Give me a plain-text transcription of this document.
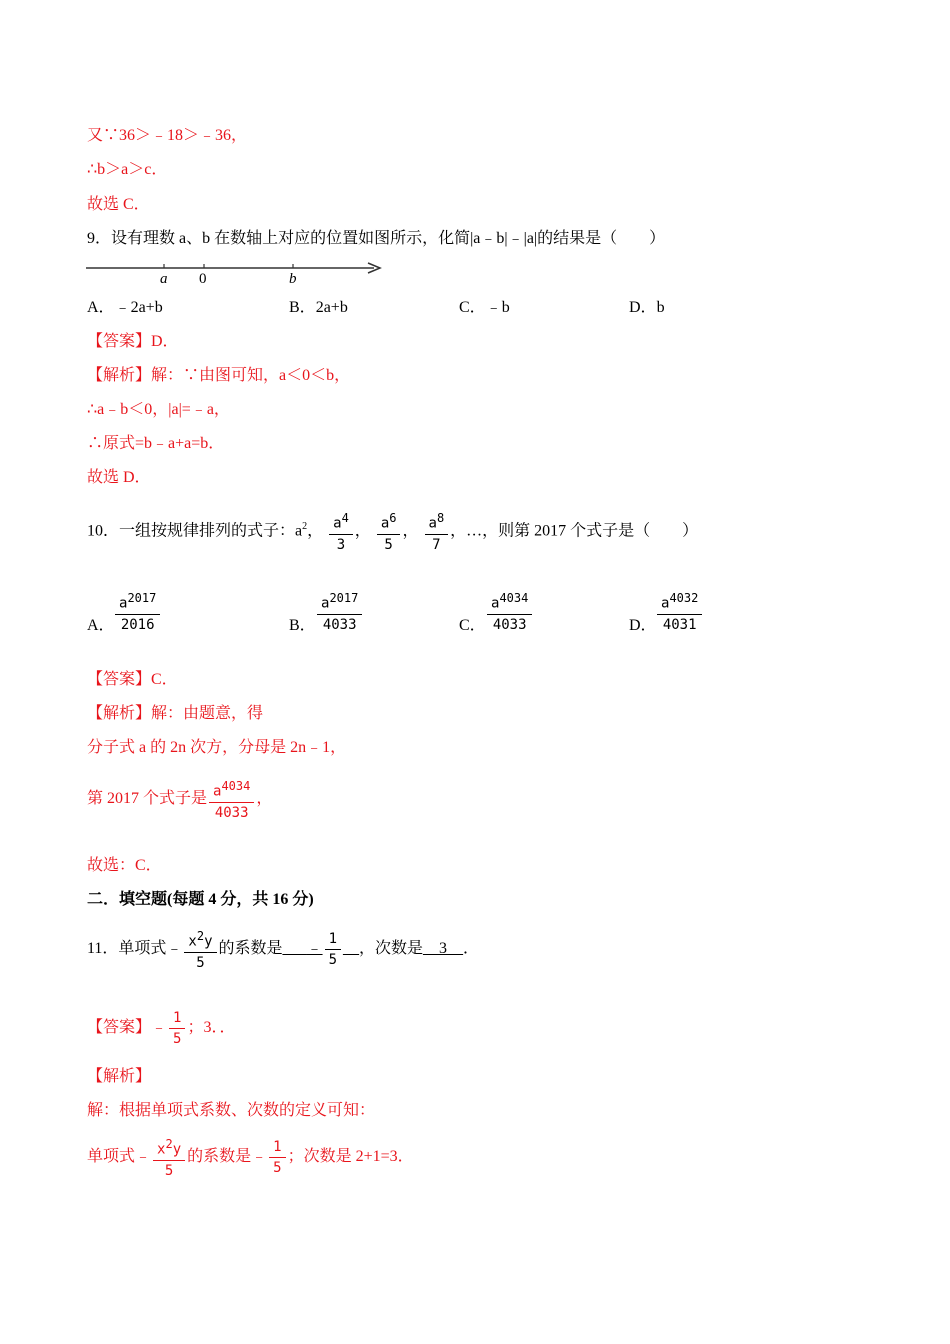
又∵36＞﹣18＞﹣36，
∴b＞a＞c．
故选 C．
9．设有理数 a、b 在数轴上对应的位置如图所示，化简|a﹣b|﹣|a|的结果是（　　）
a 0	b
A．﹣2a+b	B．2a+b	C．﹣b	D．b
【答案】D．
【解析】解：∵由图可知，a＜0＜b，
∴a﹣b＜0，|a|=﹣a，
∴原式=b﹣a+a=b．
故选 D．
10．一组按规律排列的式子：$a^2$， $\frac{a^4}{3}$ ， $\frac{a^6}{5}$ ， $\frac{a^8}{7}$ ，…，则第 2017 个式子是（　　）
A． $\frac{a^{2017}}{2016}$	B． $\frac{a^{2017}}{4033}$	C． $\frac{a^{4034}}{4033}$	D． $\frac{a^{4032}}{4031}$
【答案】C．
【解析】解：由题意，得
分子式 a 的 2n 次方，分母是 2n﹣1，
第 2017 个式子是 $\frac{a^{4034}}{4033}$ ，
故选：C．
二．填空题(每题 4 分，共 16 分)
11．单项式﹣ $\frac{x^2y}{5}$ 的系数是___﹣ $\frac{1}{5}$ __，次数是__3__．
【答案】﹣ $\frac{1}{5}$ ；3．．
【解析】
解：根据单项式系数、次数的定义可知：
单项式﹣ $\frac{x^2y}{5}$ 的系数是﹣ $\frac{1}{5}$ ；次数是 2+1=3．
